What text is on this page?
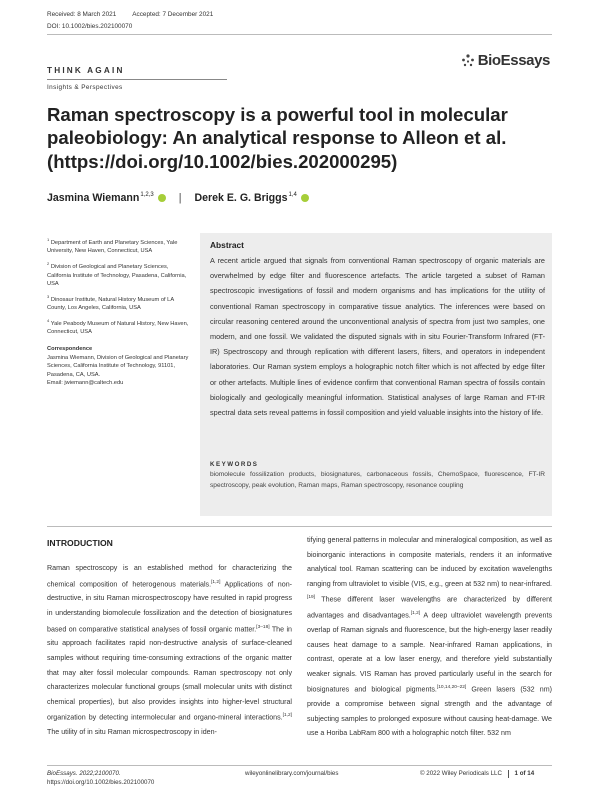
Received: 8 March 2021	Accepted: 7 December 2021
DOI: 10.1002/bies.202100070
THINK AGAIN
Insights & Perspectives
BioEssays
Raman spectroscopy is a powerful tool in molecular paleobiology: An analytical response to Alleon et al. (https://doi.org/10.1002/bies.202000295)
Jasmina Wiemann$^{1,2,3}$ | Derek E. G. Briggs$^{1,4}$

$^1$ Department of Earth and Planetary Sciences, Yale University, New Haven, Connecticut, USA

$^2$ Division of Geological and Planetary Sciences, California Institute of Technology, Pasadena, California, USA

$^3$ Dinosaur Institute, Natural History Museum of LA County, Los Angeles, California, USA

$^4$ Yale Peabody Museum of Natural History, New Haven, Connecticut, USA

Correspondence

Jasmina Wiemann, Division of Geological and Planetary Sciences, California Institute of Technology, 91101, Pasadena, CA, USA.
Email: jwiemann@caltech.edu

Abstract
A recent article argued that signals from conventional Raman spectroscopy of organic materials are overwhelmed by edge filter and fluorescence artefacts. The article targeted a subset of Raman spectroscopic investigations of fossil and modern organisms and has implications for the utility of conventional Raman spectroscopy in comparative tissue analytics. The inferences were based on circular reasoning centered around the unconventional analysis of spectra from just two samples, one modern, and one fossil. We validated the disputed signals with in situ Fourier-Transform Infrared (FT-IR) Spectroscopy and through replication with different lasers, filters, and operators in independent laboratories. Our Raman system employs a holographic notch filter which is not affected by edge filter or other artefacts. Multiple lines of evidence confirm that conventional Raman spectra of fossils contain biologically and geologically meaningful information. Statistical analyses of large Raman and FT-IR spectral data sets reveal patterns in fossil composition and yield valuable insights into the history of life.
KEYWORDS
biomolecule fossilization products, biosignatures, carbonaceous fossils, ChemoSpace, fluorescence, FT-IR spectroscopy, peak evolution, Raman maps, Raman spectroscopy, resonance coupling
INTRODUCTION
Raman spectroscopy is an established method for characterizing the chemical composition of heterogenous materials.[1,2] Applications of non-destructive, in situ Raman microspectroscopy have resulted in rapid progress in understanding biomolecule fossilization and the detection of biosignatures based on comparative statistical analyses of fossil organic matter.[3–18] The in situ approach facilitates rapid non-destructive analysis of surface-cleaned samples without requiring time-consuming extractions of the organic matter that may alter fossil molecular compounds. Raman spectroscopy not only characterizes molecular functional groups (small molecular units with distinct chemical properties), but also provides insights into higher-level structural organization by detecting intermolecular and organo-mineral interactions.[1,2] The utility of in situ Raman microspectroscopy in iden-
tifying general patterns in molecular and mineralogical composition, as well as bioinorganic interactions in composite materials, renders it an informative analytical tool. Raman scattering can be induced by excitation wavelengths ranging from ultraviolet to visible (VIS, e.g., green at 532 nm) to near-infrared.[19] These different laser wavelengths are characterized by different advantages and disadvantages.[1,2] A deep ultraviolet wavelength prevents overlap of Raman signals and fluorescence, but the high-energy laser readily causes heat damage to a sample. Near-infrared Raman applications, in contrast, operate at a low laser energy, and therefore yield substantially weaker signals. VIS Raman has proved particularly useful in the search for biosignatures and biological pigments.[10,14,20–22] Green lasers (532 nm) provide a compromise between signal strength and the advantage of subjecting samples to prolonged exposure without causing heat-damage. We use a Horiba LabRam 800 with a holographic notch filter. 532 nm
BioEssays. 2022;2100070.
https://doi.org/10.1002/bies.202100070
wileyonlinelibrary.com/journal/bies	© 2022 Wiley Periodicals LLC 1 of 14
